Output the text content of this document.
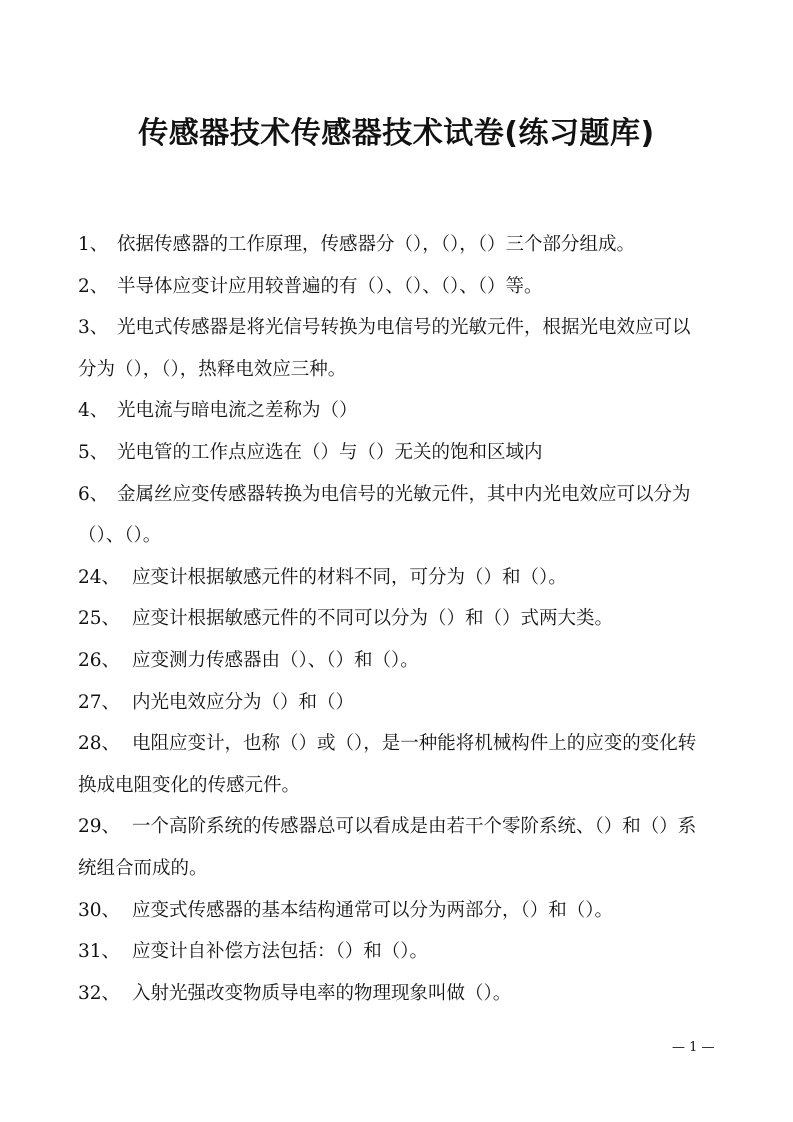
传感器技术传感器技术试卷(练习题库)
1、 依据传感器的工作原理，传感器分（），（），（）三个部分组成。
2、 半导体应变计应用较普遍的有（）、（）、（）、（）等。
3、 光电式传感器是将光信号转换为电信号的光敏元件，根据光电效应可以
分为（），（），热释电效应三种。
4、 光电流与暗电流之差称为（）
5、 光电管的工作点应选在（）与（）无关的饱和区域内
6、 金属丝应变传感器转换为电信号的光敏元件，其中内光电效应可以分为
（）、（）。
24、 应变计根据敏感元件的材料不同，可分为（）和（）。
25、 应变计根据敏感元件的不同可以分为（）和（）式两大类。
26、 应变测力传感器由（）、（）和（）。
27、 内光电效应分为（）和（）
28、 电阻应变计，也称（）或（），是一种能将机械构件上的应变的变化转
换成电阻变化的传感元件。
29、 一个高阶系统的传感器总可以看成是由若干个零阶系统、（）和（）系
统组合而成的。
30、 应变式传感器的基本结构通常可以分为两部分，（）和（）。
31、 应变计自补偿方法包括：（）和（）。
32、 入射光强改变物质导电率的物理现象叫做（）。
— 1 —
